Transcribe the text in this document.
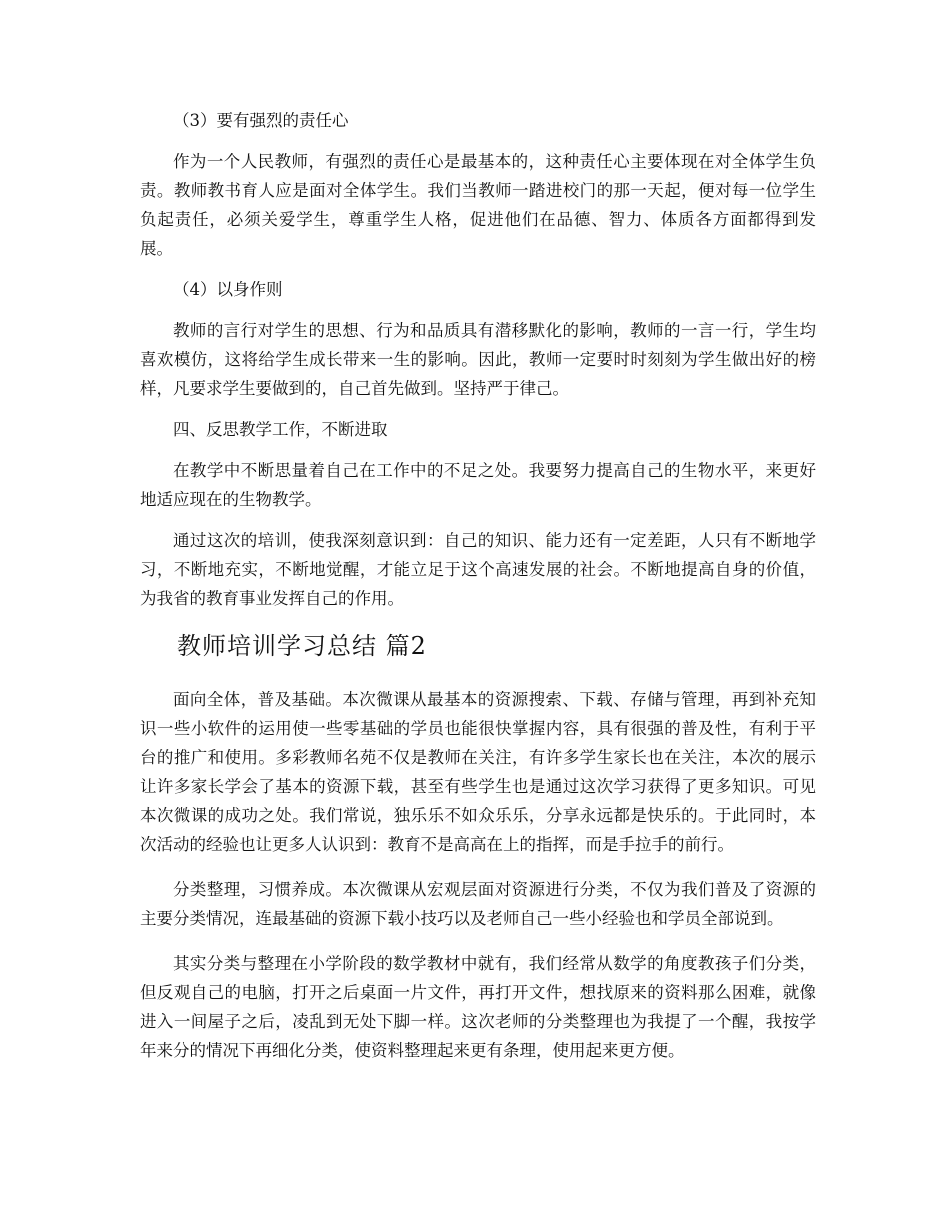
（3）要有强烈的责任心

作为一个人民教师，有强烈的责任心是最基本的，这种责任心主要体现在对全体学生负责。教师教书育人应是面对全体学生。我们当教师一踏进校门的那一天起，便对每一位学生负起责任，必须关爱学生，尊重学生人格，促进他们在品德、智力、体质各方面都得到发展。

（4）以身作则

教师的言行对学生的思想、行为和品质具有潜移默化的影响，教师的一言一行，学生均喜欢模仿，这将给学生成长带来一生的影响。因此，教师一定要时时刻刻为学生做出好的榜样，凡要求学生要做到的，自己首先做到。坚持严于律己。

四、反思教学工作，不断进取

在教学中不断思量着自己在工作中的不足之处。我要努力提高自己的生物水平，来更好地适应现在的生物教学。

通过这次的培训，使我深刻意识到：自己的知识、能力还有一定差距，人只有不断地学习，不断地充实，不断地觉醒，才能立足于这个高速发展的社会。不断地提高自身的价值，为我省的教育事业发挥自己的作用。

教师培训学习总结 篇2

面向全体，普及基础。本次微课从最基本的资源搜索、下载、存储与管理，再到补充知识一些小软件的运用使一些零基础的学员也能很快掌握内容，具有很强的普及性，有利于平台的推广和使用。多彩教师名苑不仅是教师在关注，有许多学生家长也在关注，本次的展示让许多家长学会了基本的资源下载，甚至有些学生也是通过这次学习获得了更多知识。可见本次微课的成功之处。我们常说，独乐乐不如众乐乐，分享永远都是快乐的。于此同时，本次活动的经验也让更多人认识到：教育不是高高在上的指挥，而是手拉手的前行。

分类整理，习惯养成。本次微课从宏观层面对资源进行分类，不仅为我们普及了资源的主要分类情况，连最基础的资源下载小技巧以及老师自己一些小经验也和学员全部说到。

其实分类与整理在小学阶段的数学教材中就有，我们经常从数学的角度教孩子们分类，但反观自己的电脑，打开之后桌面一片文件，再打开文件，想找原来的资料那么困难，就像进入一间屋子之后，凌乱到无处下脚一样。这次老师的分类整理也为我提了一个醒，我按学年来分的情况下再细化分类，使资料整理起来更有条理，使用起来更方便。
